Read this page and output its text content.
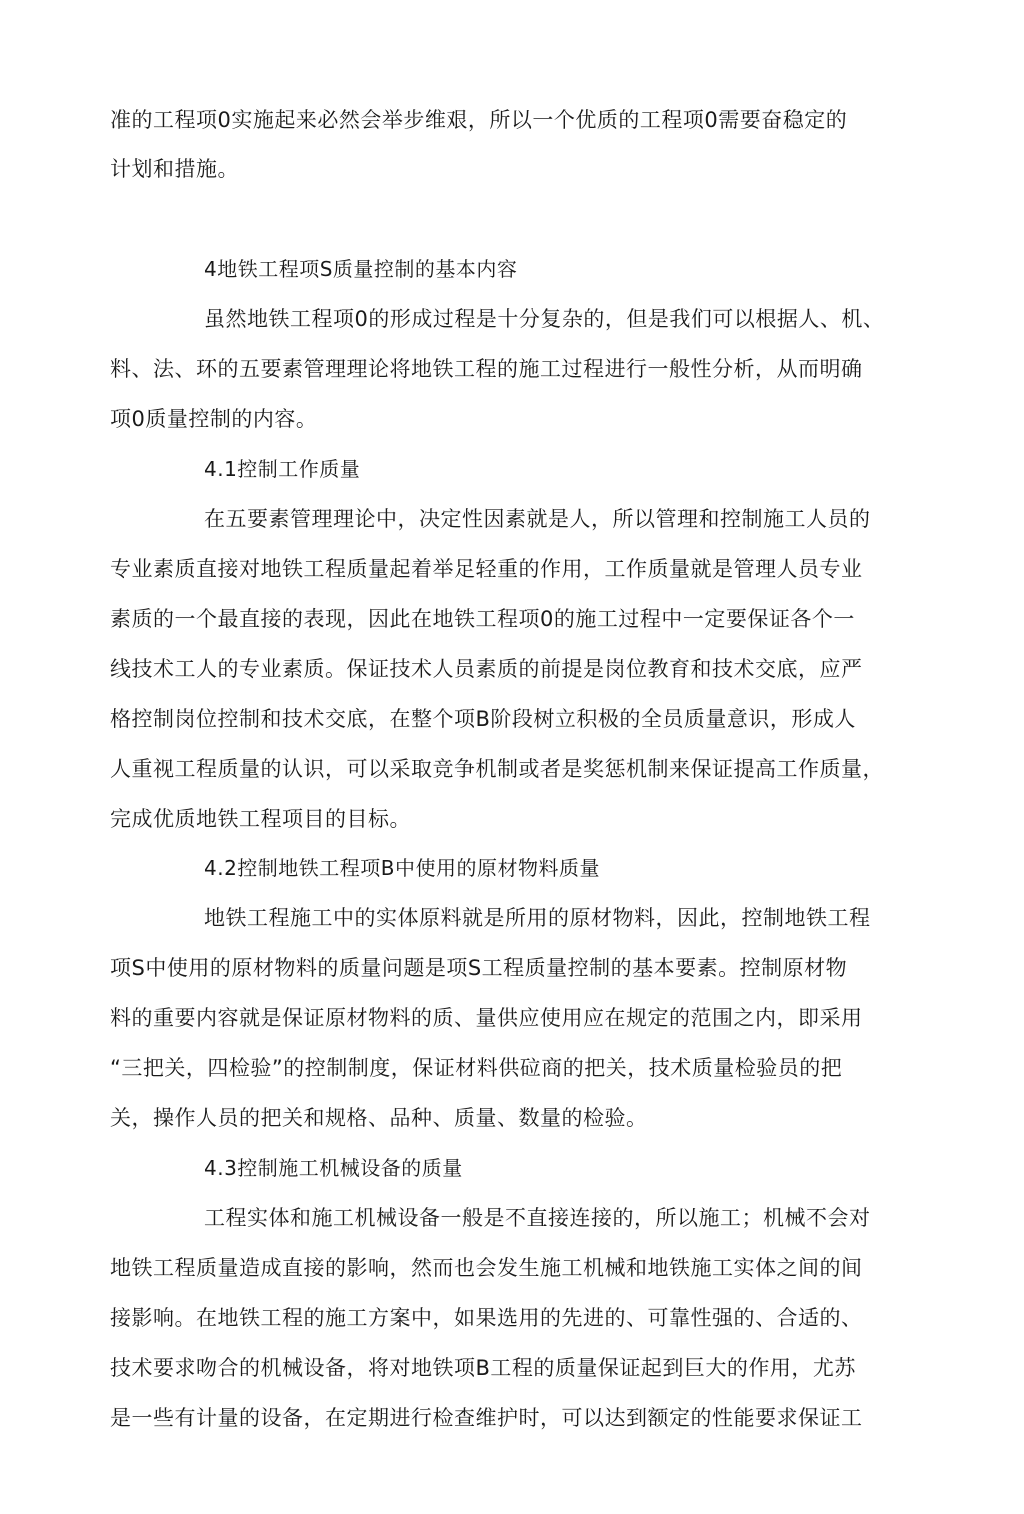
准的工程项0实施起来必然会举步维艰，所以一个优质的工程项0需要奋稳定的
计划和措施。
4地铁工程项S质量控制的基本内容
虽然地铁工程项0的形成过程是十分复杂的，但是我们可以根据人、机、
料、法、环的五要素管理理论将地铁工程的施工过程进行一般性分析，从而明确
项0质量控制的内容。
4.1控制工作质量
在五要素管理理论中，决定性因素就是人，所以管理和控制施工人员的
专业素质直接对地铁工程质量起着举足轻重的作用，工作质量就是管理人员专业
素质的一个最直接的表现，因此在地铁工程项0的施工过程中一定要保证各个一
线技术工人的专业素质。保证技术人员素质的前提是岗位教育和技术交底，应严
格控制岗位控制和技术交底，在整个项B阶段树立积极的全员质量意识，形成人
人重视工程质量的认识，可以采取竞争机制或者是奖惩机制来保证提高工作质量，
完成优质地铁工程项目的目标。
4.2控制地铁工程项B中使用的原材物料质量
地铁工程施工中的实体原料就是所用的原材物料，因此，控制地铁工程
项S中使用的原材物料的质量问题是项S工程质量控制的基本要素。控制原材物
料的重要内容就是保证原材物料的质、量供应使用应在规定的范围之内，即采用
“三把关，四检验”的控制制度，保证材料供砬商的把关，技术质量检验员的把
关，操作人员的把关和规格、品种、质量、数量的检验。
4.3控制施工机械设备的质量
工程实体和施工机械设备一般是不直接连接的，所以施工；机械不会对
地铁工程质量造成直接的影响，然而也会发生施工机械和地铁施工实体之间的间
接影响。在地铁工程的施工方案中，如果选用的先进的、可靠性强的、合适的、
技术要求吻合的机械设备，将对地铁项B工程的质量保证起到巨大的作用，尤苏
是一些有计量的设备，在定期进行检查维护时，可以达到额定的性能要求保证工
